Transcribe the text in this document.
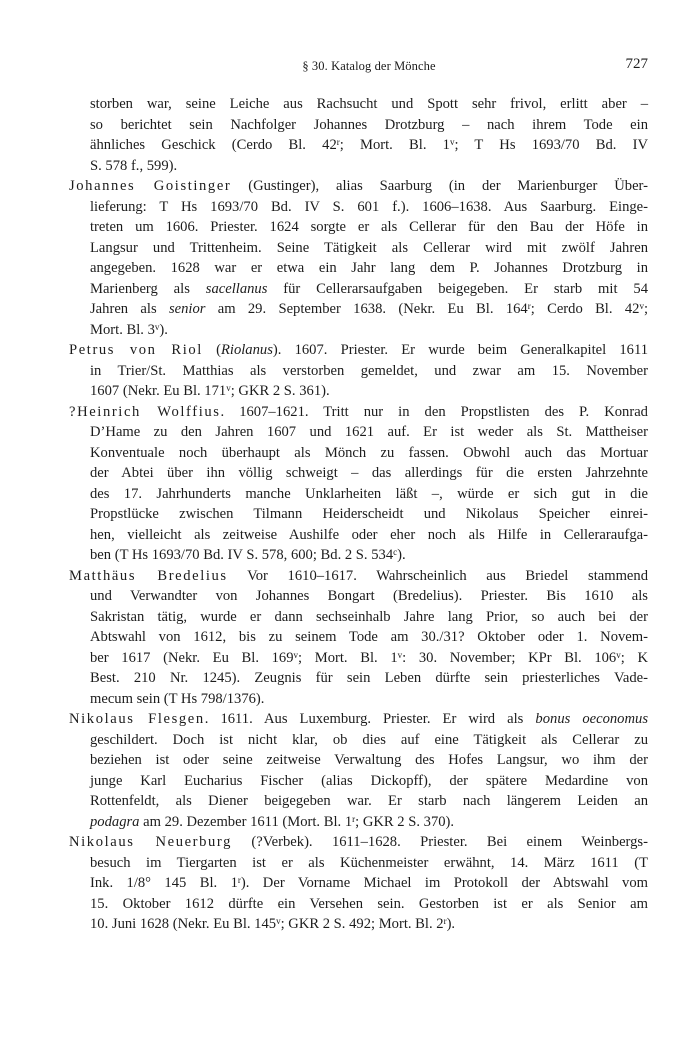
§ 30. Katalog der Mönche	727
storben war, seine Leiche aus Rachsucht und Spott sehr frivol, erlitt aber –
so berichtet sein Nachfolger Johannes Drotzburg – nach ihrem Tode ein
ähnliches Geschick (Cerdo Bl. 42$^r$; Mort. Bl. 1$^v$; T Hs 1693/70 Bd. IV
S. 578 f., 599).
Johannes Goistinger (Gustinger), alias Saarburg (in der Marienburger Über-
lieferung: T Hs 1693/70 Bd. IV S. 601 f.). 1606–1638. Aus Saarburg. Einge-
treten um 1606. Priester. 1624 sorgte er als Cellerar für den Bau der Höfe in
Langsur und Trittenheim. Seine Tätigkeit als Cellerar wird mit zwölf Jahren
angegeben. 1628 war er etwa ein Jahr lang dem P. Johannes Drotzburg in
Marienberg als sacellanus für Cellerarsaufgaben beigegeben. Er starb mit 54
Jahren als senior am 29. September 1638. (Nekr. Eu Bl. 164$^r$; Cerdo Bl. 42$^v$;
Mort. Bl. 3$^v$).
Petrus von Riol (Riolanus). 1607. Priester. Er wurde beim Generalkapitel 1611
in Trier/St. Matthias als verstorben gemeldet, und zwar am 15. November
1607 (Nekr. Eu Bl. 171$^v$; GKR 2 S. 361).
?Heinrich Wolffius. 1607–1621. Tritt nur in den Propstlisten des P. Konrad
D’Hame zu den Jahren 1607 und 1621 auf. Er ist weder als St. Mattheiser
Konventuale noch überhaupt als Mönch zu fassen. Obwohl auch das Mortuar
der Abtei über ihn völlig schweigt – das allerdings für die ersten Jahrzehnte
des 17. Jahrhunderts manche Unklarheiten läßt –, würde er sich gut in die
Propstlücke zwischen Tilmann Heiderscheidt und Nikolaus Speicher einrei-
hen, vielleicht als zeitweise Aushilfe oder eher noch als Hilfe in Celleraraufga-
ben (T Hs 1693/70 Bd. IV S. 578, 600; Bd. 2 S. 534$^c$).
Matthäus Bredelius Vor 1610–1617. Wahrscheinlich aus Briedel stammend
und Verwandter von Johannes Bongart (Bredelius). Priester. Bis 1610 als
Sakristan tätig, wurde er dann sechseinhalb Jahre lang Prior, so auch bei der
Abtswahl von 1612, bis zu seinem Tode am 30./31? Oktober oder 1. Novem-
ber 1617 (Nekr. Eu Bl. 169$^v$; Mort. Bl. 1$^v$: 30. November; KPr Bl. 106$^v$; K
Best. 210 Nr. 1245). Zeugnis für sein Leben dürfte sein priesterliches Vade-
mecum sein (T Hs 798/1376).
Nikolaus Flesgen. 1611. Aus Luxemburg. Priester. Er wird als bonus oeconomus
geschildert. Doch ist nicht klar, ob dies auf eine Tätigkeit als Cellerar zu
beziehen ist oder seine zeitweise Verwaltung des Hofes Langsur, wo ihm der
junge Karl Eucharius Fischer (alias Dickopff), der spätere Medardine von
Rottenfeldt, als Diener beigegeben war. Er starb nach längerem Leiden an
podagra am 29. Dezember 1611 (Mort. Bl. 1$^r$; GKR 2 S. 370).
Nikolaus Neuerburg (?Verbek). 1611–1628. Priester. Bei einem Weinbergs-
besuch im Tiergarten ist er als Küchenmeister erwähnt, 14. März 1611 (T
Ink. 1/8° 145 Bl. 1$^r$). Der Vorname Michael im Protokoll der Abtswahl vom
15. Oktober 1612 dürfte ein Versehen sein. Gestorben ist er als Senior am
10. Juni 1628 (Nekr. Eu Bl. 145$^v$; GKR 2 S. 492; Mort. Bl. 2$^r$).
